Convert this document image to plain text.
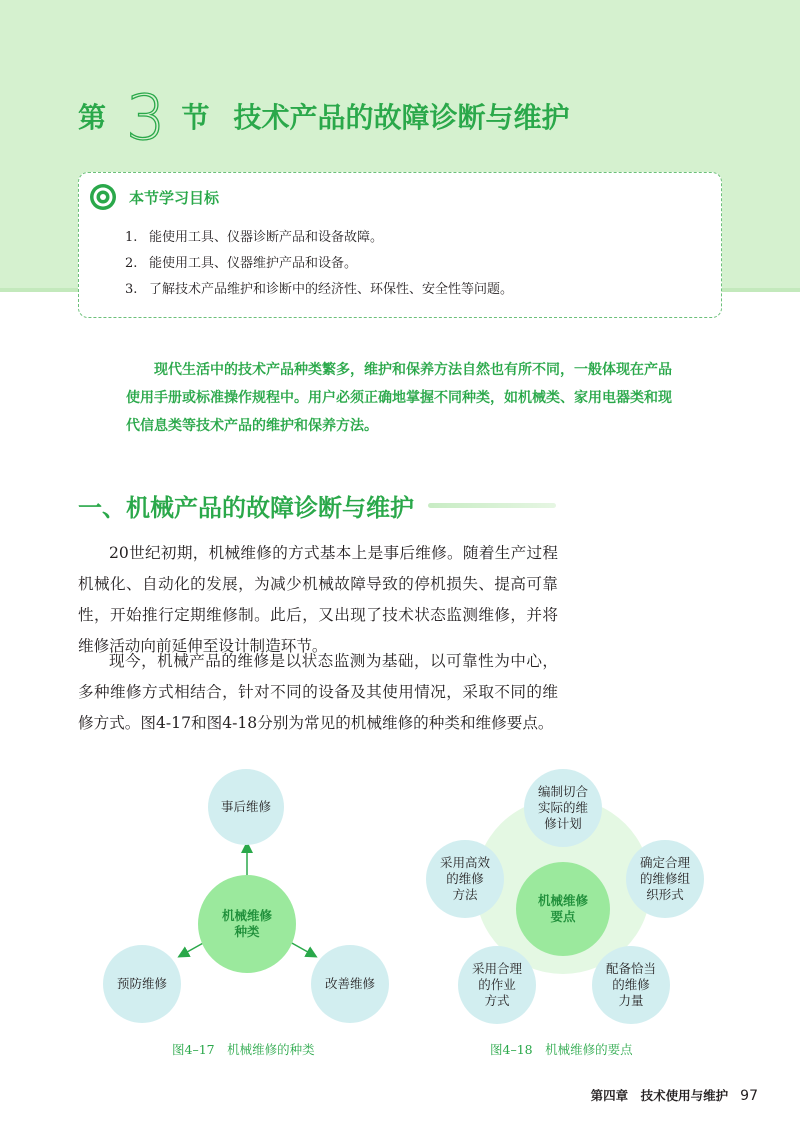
第 3 节 技术产品的故障诊断与维护
本节学习目标
1. 能使用工具、仪器诊断产品和设备故障。
2. 能使用工具、仪器维护产品和设备。
3. 了解技术产品维护和诊断中的经济性、环保性、安全性等问题。
现代生活中的技术产品种类繁多，维护和保养方法自然也有所不同，一般体现在产品使用手册或标准操作规程中。用户必须正确地掌握不同种类，如机械类、家用电器类和现代信息类等技术产品的维护和保养方法。
一、机械产品的故障诊断与维护

20世纪初期，机械维修的方式基本上是事后维修。随着生产过程机械化、自动化的发展，为减少机械故障导致的停机损失、提高可靠性，开始推行定期维修制。此后，又出现了技术状态监测维修，并将维修活动向前延伸至设计制造环节。

现今，机械产品的维修是以状态监测为基础，以可靠性为中心，多种维修方式相结合，针对不同的设备及其使用情况，采取不同的维修方式。图4-17和图4-18分别为常见的机械维修的种类和维修要点。

事后维修
机械维修
种类
预防维修	改善维修
机械维修
要点
编制切合
实际的维
修计划
采用高效
的维修
方法
确定合理
的维修组
织形式
采用合理
的作业
方式
配备恰当
的维修
力量
图4–17　机械维修的种类	图4–18　机械维修的要点
第四章　技术使用与维护 97
